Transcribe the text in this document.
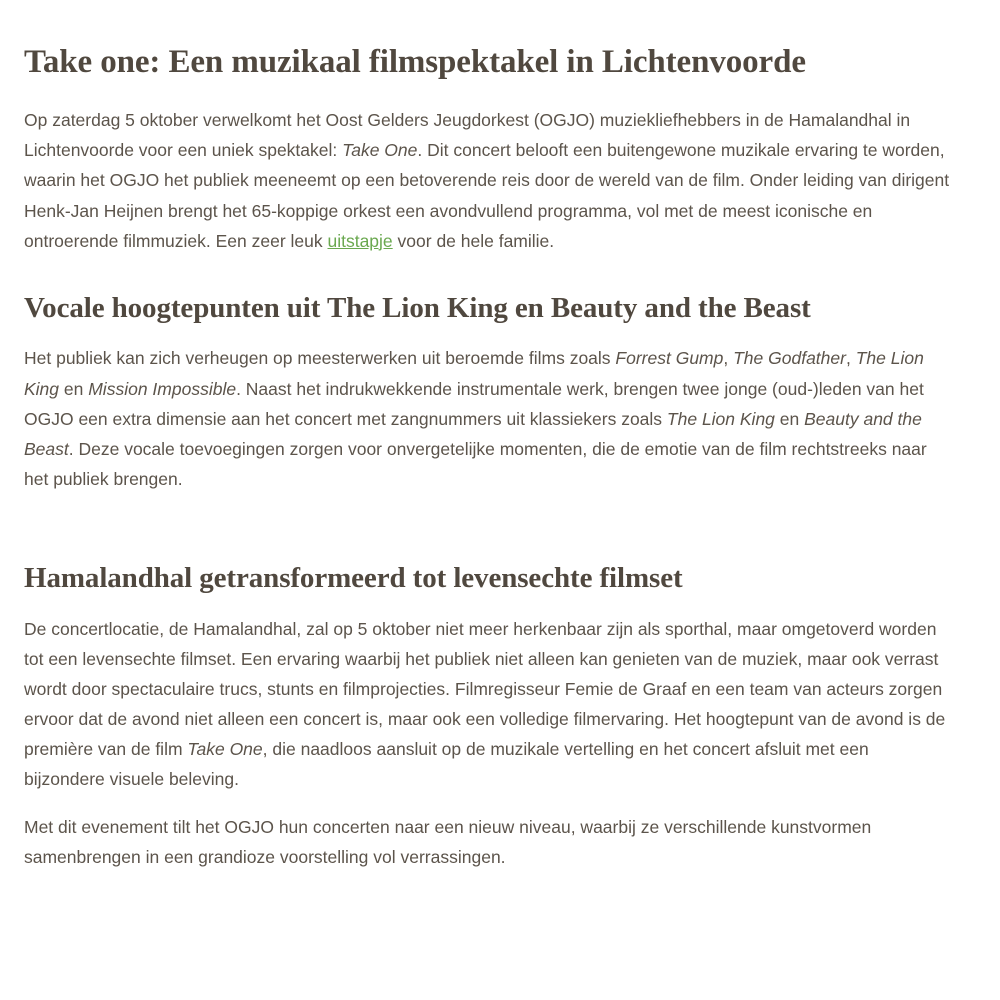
Take one: Een muzikaal filmspektakel in Lichtenvoorde

Op zaterdag 5 oktober verwelkomt het Oost Gelders Jeugdorkest (OGJO) muziekliefhebbers in de Hamalandhal in Lichtenvoorde voor een uniek spektakel: Take One. Dit concert belooft een buitengewone muzikale ervaring te worden, waarin het OGJO het publiek meeneemt op een betoverende reis door de wereld van de film. Onder leiding van dirigent Henk-Jan Heijnen brengt het 65-koppige orkest een avondvullend programma, vol met de meest iconische en ontroerende filmmuziek. Een zeer leuk uitstapje voor de hele familie.

Vocale hoogtepunten uit The Lion King en Beauty and the Beast

Het publiek kan zich verheugen op meesterwerken uit beroemde films zoals Forrest Gump, The Godfather, The Lion King en Mission Impossible. Naast het indrukwekkende instrumentale werk, brengen twee jonge (oud-)leden van het OGJO een extra dimensie aan het concert met zangnummers uit klassiekers zoals The Lion King en Beauty and the Beast. Deze vocale toevoegingen zorgen voor onvergetelijke momenten, die de emotie van de film rechtstreeks naar het publiek brengen.

Hamalandhal getransformeerd tot levensechte filmset

De concertlocatie, de Hamalandhal, zal op 5 oktober niet meer herkenbaar zijn als sporthal, maar omgetoverd worden tot een levensechte filmset. Een ervaring waarbij het publiek niet alleen kan genieten van de muziek, maar ook verrast wordt door spectaculaire trucs, stunts en filmprojecties. Filmregisseur Femie de Graaf en een team van acteurs zorgen ervoor dat de avond niet alleen een concert is, maar ook een volledige filmervaring. Het hoogtepunt van de avond is de première van de film Take One, die naadloos aansluit op de muzikale vertelling en het concert afsluit met een bijzondere visuele beleving.

Met dit evenement tilt het OGJO hun concerten naar een nieuw niveau, waarbij ze verschillende kunstvormen samenbrengen in een grandioze voorstelling vol verrassingen.
